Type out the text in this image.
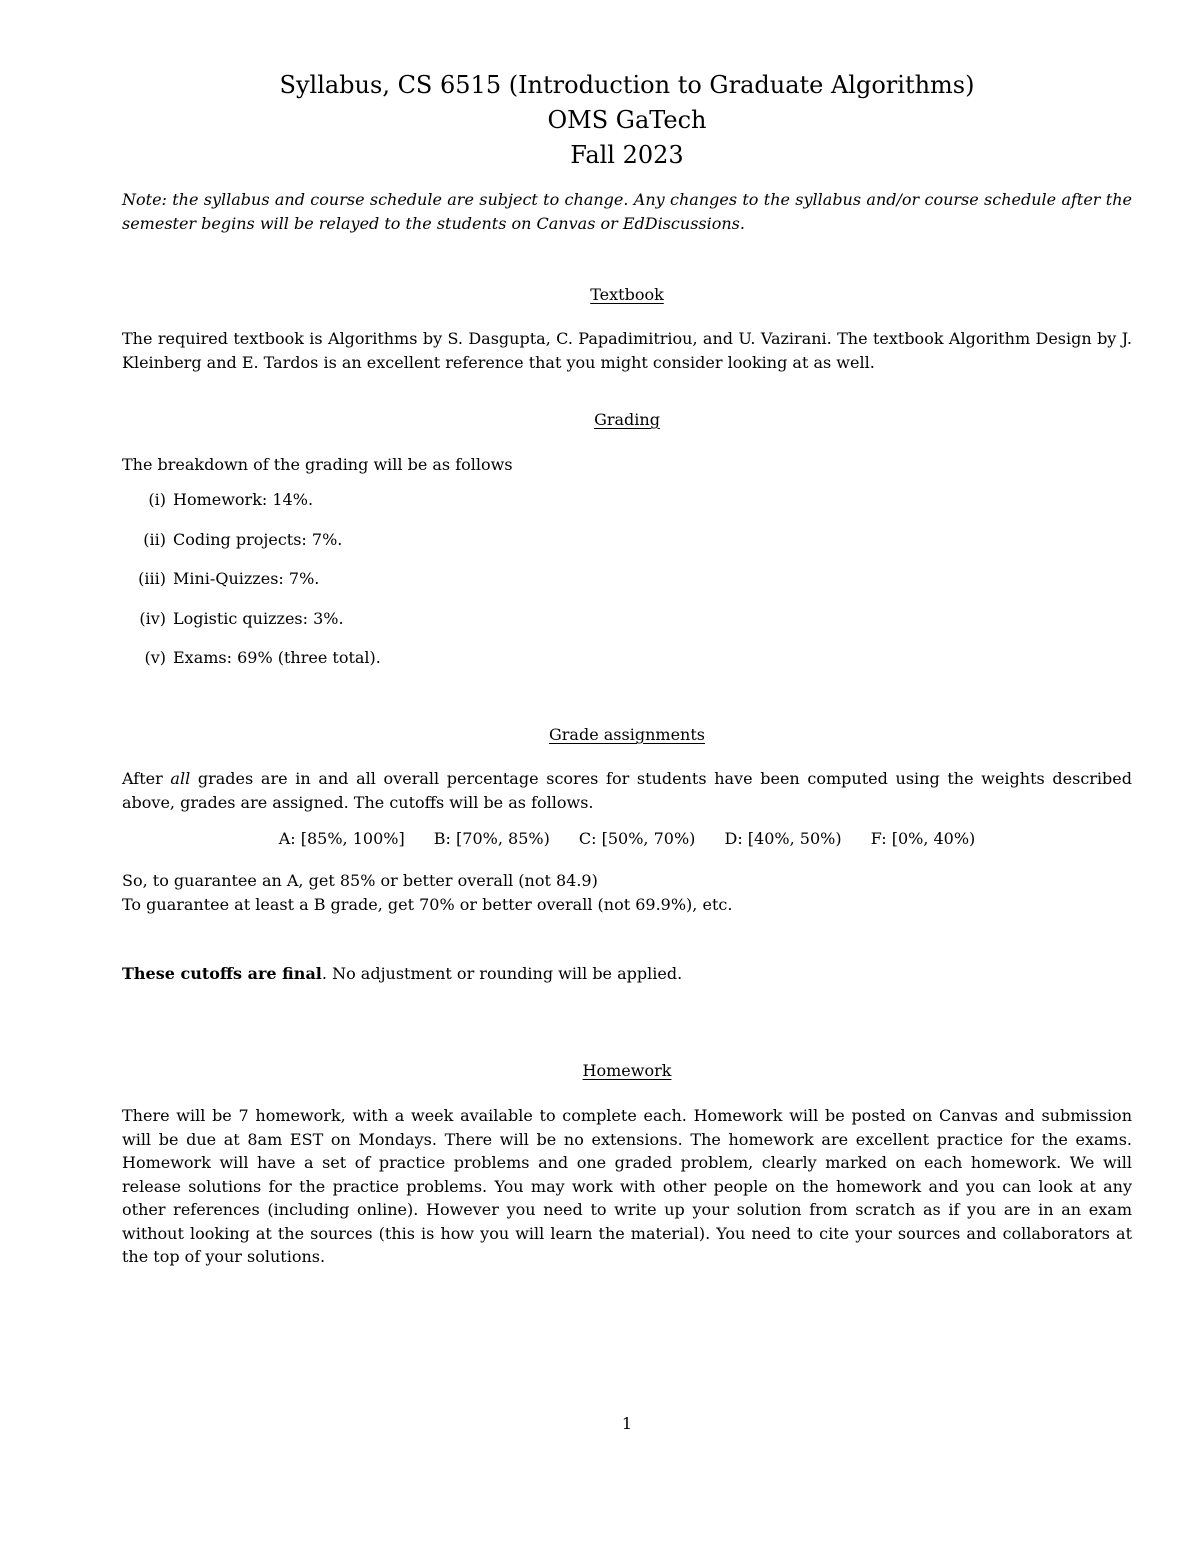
Syllabus, CS 6515 (Introduction to Graduate Algorithms)
OMS GaTech
Fall 2023
Note: the syllabus and course schedule are subject to change. Any changes to the syllabus and/or course schedule after the semester begins will be relayed to the students on Canvas or EdDiscussions.
Textbook
The required textbook is Algorithms by S. Dasgupta, C. Papadimitriou, and U. Vazirani. The textbook Algorithm Design by J. Kleinberg and E. Tardos is an excellent reference that you might consider looking at as well.
Grading
The breakdown of the grading will be as follows
(i) Homework: 14%.
(ii) Coding projects: 7%.
(iii) Mini-Quizzes: 7%.
(iv) Logistic quizzes: 3%.
(v) Exams: 69% (three total).
Grade assignments
After all grades are in and all overall percentage scores for students have been computed using the weights described above, grades are assigned. The cutoffs will be as follows.
A: [85%, 100%] B: [70%, 85%) C: [50%, 70%) D: [40%, 50%) F: [0%, 40%)
So, to guarantee an A, get 85% or better overall (not 84.9)
To guarantee at least a B grade, get 70% or better overall (not 69.9%), etc.
These cutoffs are final. No adjustment or rounding will be applied.
Homework
There will be 7 homework, with a week available to complete each. Homework will be posted on Canvas and submission will be due at 8am EST on Mondays. There will be no extensions. The homework are excellent practice for the exams. Homework will have a set of practice problems and one graded problem, clearly marked on each homework. We will release solutions for the practice problems. You may work with other people on the homework and you can look at any other references (including online). However you need to write up your solution from scratch as if you are in an exam without looking at the sources (this is how you will learn the material). You need to cite your sources and collaborators at the top of your solutions.
1
